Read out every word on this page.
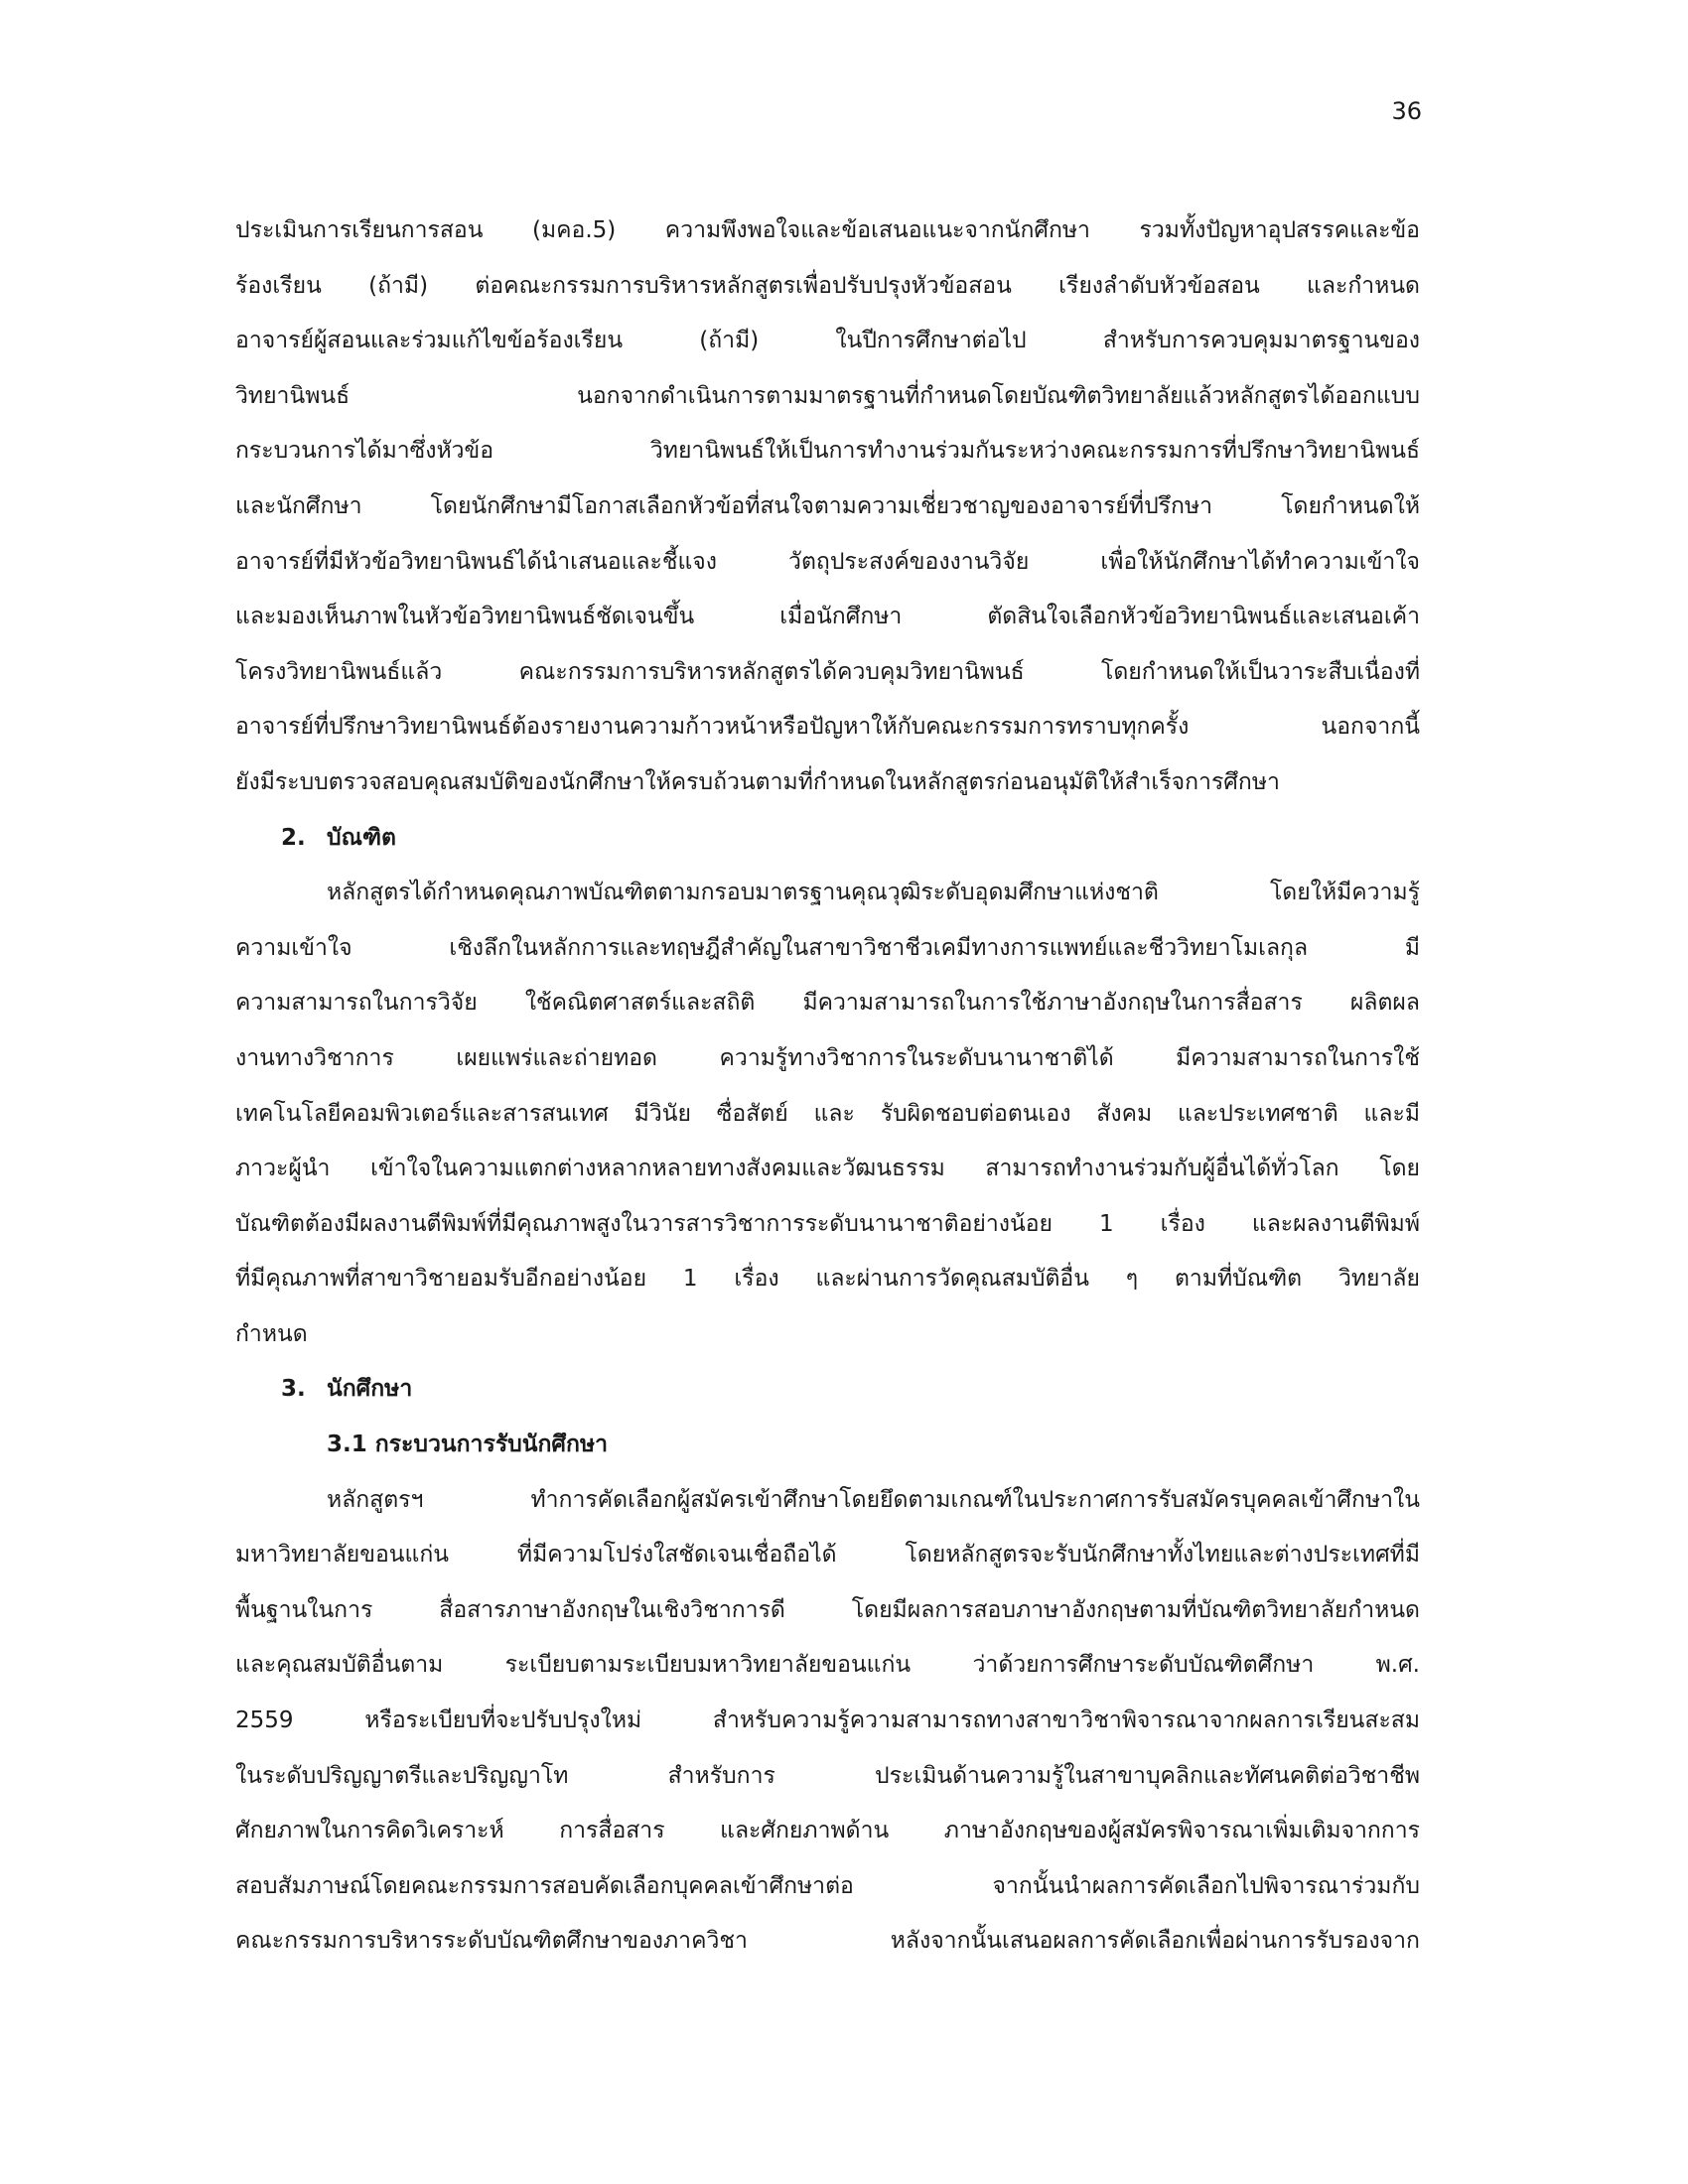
36
ประเมินการเรียนการสอน (มคอ.5) ความพึงพอใจและข้อเสนอแนะจากนักศึกษา รวมทั้งปัญหาอุปสรรคและข้อ
ร้องเรียน (ถ้ามี) ต่อคณะกรรมการบริหารหลักสูตรเพื่อปรับปรุงหัวข้อสอน เรียงลำดับหัวข้อสอน และกำหนด
อาจารย์ผู้สอนและร่วมแก้ไขข้อร้องเรียน (ถ้ามี) ในปีการศึกษาต่อไป สำหรับการควบคุมมาตรฐานของ
วิทยานิพนธ์ นอกจากดำเนินการตามมาตรฐานที่กำหนดโดยบัณฑิตวิทยาลัยแล้วหลักสูตรได้ออกแบบ
กระบวนการได้มาซึ่งหัวข้อ วิทยานิพนธ์ให้เป็นการทำงานร่วมกันระหว่างคณะกรรมการที่ปรึกษาวิทยานิพนธ์
และนักศึกษา โดยนักศึกษามีโอกาสเลือกหัวข้อที่สนใจตามความเชี่ยวชาญของอาจารย์ที่ปรึกษา โดยกำหนดให้
อาจารย์ที่มีหัวข้อวิทยานิพนธ์ได้นำเสนอและชี้แจง วัตถุประสงค์ของงานวิจัย เพื่อให้นักศึกษาได้ทำความเข้าใจ
และมองเห็นภาพในหัวข้อวิทยานิพนธ์ชัดเจนขึ้น เมื่อนักศึกษา ตัดสินใจเลือกหัวข้อวิทยานิพนธ์และเสนอเค้า
โครงวิทยานิพนธ์แล้ว คณะกรรมการบริหารหลักสูตรได้ควบคุมวิทยานิพนธ์ โดยกำหนดให้เป็นวาระสืบเนื่องที่
อาจารย์ที่ปรึกษาวิทยานิพนธ์ต้องรายงานความก้าวหน้าหรือปัญหาให้กับคณะกรรมการทราบทุกครั้ง นอกจากนี้
ยังมีระบบตรวจสอบคุณสมบัติของนักศึกษาให้ครบถ้วนตามที่กำหนดในหลักสูตรก่อนอนุมัติให้สำเร็จการศึกษา
2. บัณฑิต
หลักสูตรได้กำหนดคุณภาพบัณฑิตตามกรอบมาตรฐานคุณวุฒิระดับอุดมศึกษาแห่งชาติ โดยให้มีความรู้
ความเข้าใจ เชิงลึกในหลักการและทฤษฎีสำคัญในสาขาวิชาชีวเคมีทางการแพทย์และชีววิทยาโมเลกุล มี
ความสามารถในการวิจัย ใช้คณิตศาสตร์และสถิติ มีความสามารถในการใช้ภาษาอังกฤษในการสื่อสาร ผลิตผล
งานทางวิชาการ เผยแพร่และถ่ายทอด ความรู้ทางวิชาการในระดับนานาชาติได้ มีความสามารถในการใช้
เทคโนโลยีคอมพิวเตอร์และสารสนเทศ มีวินัย ซื่อสัตย์ และ รับผิดชอบต่อตนเอง สังคม และประเทศชาติ และมี
ภาวะผู้นำ เข้าใจในความแตกต่างหลากหลายทางสังคมและวัฒนธรรม สามารถทำงานร่วมกับผู้อื่นได้ทั่วโลก โดย
บัณฑิตต้องมีผลงานตีพิมพ์ที่มีคุณภาพสูงในวารสารวิชาการระดับนานาชาติอย่างน้อย 1 เรื่อง และผลงานตีพิมพ์
ที่มีคุณภาพที่สาขาวิชายอมรับอีกอย่างน้อย 1 เรื่อง และผ่านการวัดคุณสมบัติอื่น ๆ ตามที่บัณฑิต วิทยาลัย
กำหนด
3. นักศึกษา
3.1 กระบวนการรับนักศึกษา
หลักสูตรฯ ทำการคัดเลือกผู้สมัครเข้าศึกษาโดยยึดตามเกณฑ์ในประกาศการรับสมัครบุคคลเข้าศึกษาใน
มหาวิทยาลัยขอนแก่น ที่มีความโปร่งใสชัดเจนเชื่อถือได้ โดยหลักสูตรจะรับนักศึกษาทั้งไทยและต่างประเทศที่มี
พื้นฐานในการ สื่อสารภาษาอังกฤษในเชิงวิชาการดี โดยมีผลการสอบภาษาอังกฤษตามที่บัณฑิตวิทยาลัยกำหนด
และคุณสมบัติอื่นตาม ระเบียบตามระเบียบมหาวิทยาลัยขอนแก่น ว่าด้วยการศึกษาระดับบัณฑิตศึกษา พ.ศ.
2559 หรือระเบียบที่จะปรับปรุงใหม่ สำหรับความรู้ความสามารถทางสาขาวิชาพิจารณาจากผลการเรียนสะสม
ในระดับปริญญาตรีและปริญญาโท สำหรับการ ประเมินด้านความรู้ในสาขาบุคลิกและทัศนคติต่อวิชาชีพ
ศักยภาพในการคิดวิเคราะห์ การสื่อสาร และศักยภาพด้าน ภาษาอังกฤษของผู้สมัครพิจารณาเพิ่มเติมจากการ
สอบสัมภาษณ์โดยคณะกรรมการสอบคัดเลือกบุคคลเข้าศึกษาต่อ จากนั้นนำผลการคัดเลือกไปพิจารณาร่วมกับ
คณะกรรมการบริหารระดับบัณฑิตศึกษาของภาควิชา หลังจากนั้นเสนอผลการคัดเลือกเพื่อผ่านการรับรองจาก
